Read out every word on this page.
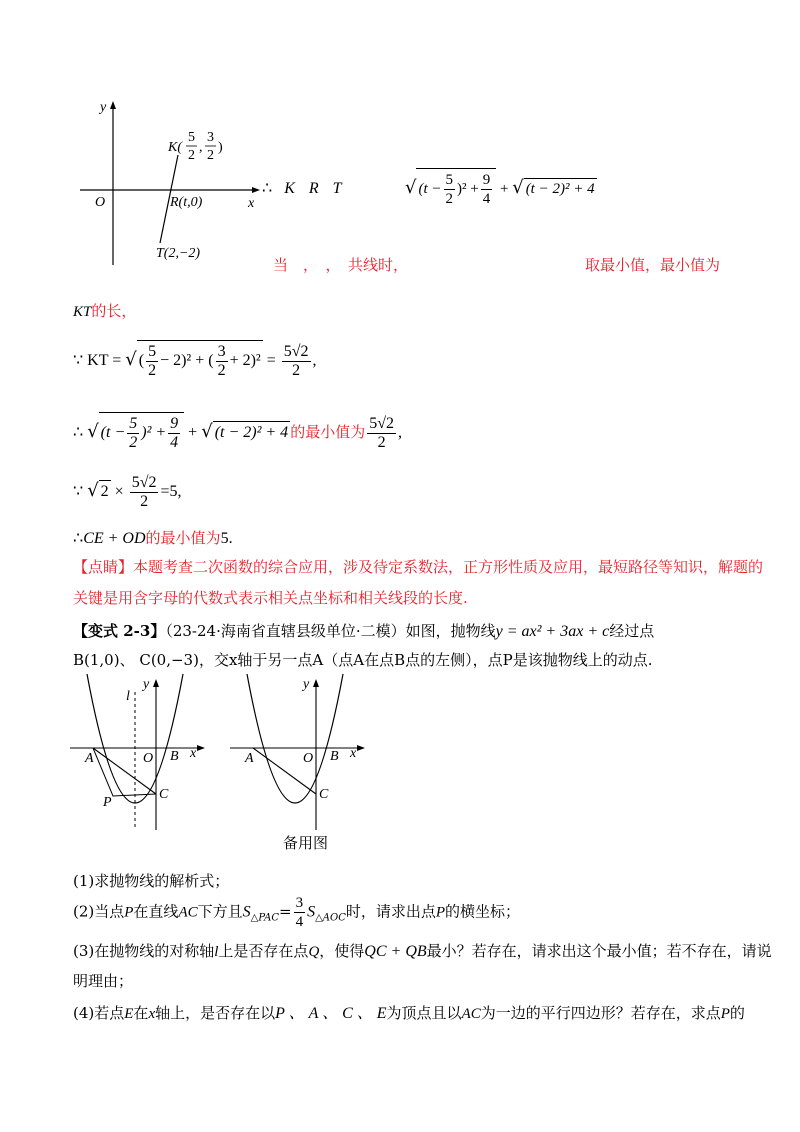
y
x
O
K(
5
2
,
3
2
)
R(t,0)
T(2,−2)
∴ K R T	√ $(t - \frac{5}{2} )^2 + \frac{9}{4}$ + √ (t − 2)² + 4
当　，　，　共线时，	取最小值，最小值为
KT的长，
∵ KT = √ ( $\frac{5}{2} - 2)^2$ + ( $\frac{3}{2} + 2)^2 = \frac{5√2}{2}$ ,
∴ √ $(t - \frac{5}{2} )^2 + \frac{9}{4}$ + √ (t − 2)² + 4 的最小值为 $\frac{5√2}{2}$ ,
∵ √ $2 \times \frac{5√2}{2} =5$,
∴CE + OD的最小值为5.
【点睛】本题考查二次函数的综合应用，涉及待定系数法，正方形性质及应用，最短路径等知识，解题的
关键是用含字母的代数式表示相关点坐标和相关线段的长度.
【变式 2-3】（23-24·海南省直辖县级单位·二模）如图，抛物线y = ax² + 3ax + c经过点
B(1,0)、 C(0,−3)，交x轴于另一点A（点A在点B点的左侧），点P是该抛物线上的动点.
l
y
x
A	O B
C
P
y
x
A	O B
C
备用图
(1)求抛物线的解析式；
(2)当点P在直线AC下方且$S_{\triangle PAC}= \frac{3}{4} S_{\triangle AOC}$时，请求出点P的横坐标；
(3)在抛物线的对称轴l上是否存在点Q，使得QC + QB最小？若存在，请求出这个最小值；若不存在，请说
明理由；
(4)若点E在x轴上，是否存在以P 、 A 、 C 、 E为顶点且以AC为一边的平行四边形？若存在，求点P的
